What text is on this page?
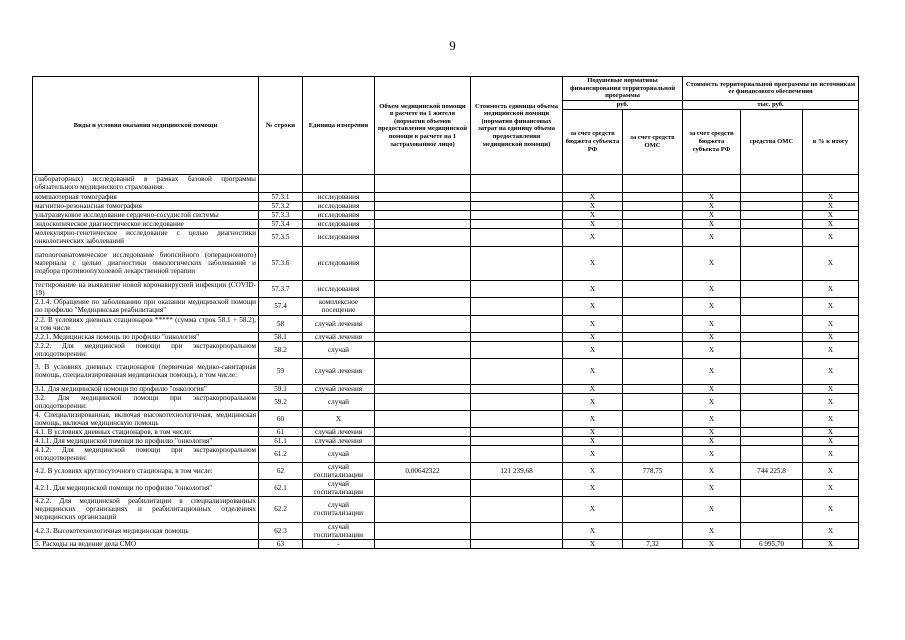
9
Виды и условия оказания медицинской помощи	№ строки	Единица измерения	Объем медицинской помощи в расчете на 1 жителя (норматив объемов предоставления медицинской помощи в расчете на 1 застрахованное лицо)	Стоимость единицы объема медицинской помощи (норматив финансовых затрат на единицу объема предоставления медицинской помощи)	Подушевые нормативы финансирования территориальной программы		Стоимость территориальной программы по источникам ее финансового обеспечения		
					руб.		тыс. руб.		
					за счет средств бюджета субъекта РФ	за счет средств ОМС	за счет средств бюджета субъекта РФ	средства ОМС	в % к итогу
(лабораторных) исследований в рамках базовой программы обязательного медицинского страхования.									
компьютерная томография	57.3.1	исследования			X		X		X
магнитно-резонансная томография	57.3.2	исследования			X		X		X
ультразвуковое исследование сердечно-сосудистой системы	57.3.3	исследования			X		X		X
эндоскопическое диагностическое исследование	57.3.4	исследования			X		X		X
молекулярно-генетическое исследование с целью диагностики онкологических заболеваний	57.3.5	исследования			X		X		X
патологоанатомическое исследование биопсийного (операционного) материала с целью диагностики онкологических заболеваний и подбора противоопухолевой лекарственной терапии	57.3.6	исследования			X		X		X
тестирование на выявление новой коронавирусной инфекции (COVID-19)	57.3.7	исследования			X		X		X
2.1.4. Обращение по заболеванию при оказании медицинской помощи по профилю "Медицинская реабилитация"	57.4	комплексное посещение			X		X		X
2.2. В условиях дневных стационаров ***** (сумма строк 58.1 + 58.2), в том числе	58	случай лечения			X		X		X
2.2.1. Медицинская помощь по профилю "онкология"	58.1	случай лечения			X		X		X
2.2.2. Для медицинской помощи при экстракорпоральном оплодотворении:	58.2	случай			X		X		X
3. В условиях дневных стационаров (первичная медико-санитарная помощь, специализированная медицинская помощь), в том числе:	59	случай лечения			X		X		X
3.1. Для медицинской помощи по профилю "онкология"	59.1	случай лечения			X		X		X
3.2. Для медицинской помощи при экстракорпоральном оплодотворении:	59.2	случай			X		X		X
4. Специализированная, включая высокотехнологичная, медицинская помощь, включая медицинскую помощь	60	X			X		X		X
4.1. В условиях дневных стационаров, в том числе:	61	случай лечения			X		X		X
4.1.1. Для медицинской помощи по профилю "онкология"	61.1	случай лечения			X		X		X
4.1.2. Для медицинской помощи при экстракорпоральном оплодотворении:	61.2	случай			X		X		X
4.2. В условиях круглосуточного стационара, в том числе:	62	случай госпитализации	0,00642322	121 239,68	X	778,75	X	744 225,8	X
4.2.1. Для медицинской помощи по профилю "онкология"	62.1	случай госпитализации			X		X		X
4.2.2. Для медицинской реабилитации в специализированных медицинских организациях и реабилитационных отделениях медицинских организаций	62.2	случай госпитализации			X		X		X
4.2.3. Высокотехнологичная медицинская помощь	62.3	случай госпитализации			X		X		X
5. Расходы на ведение дела СМО	63	-			X	7,32	X	6 995,70	X
